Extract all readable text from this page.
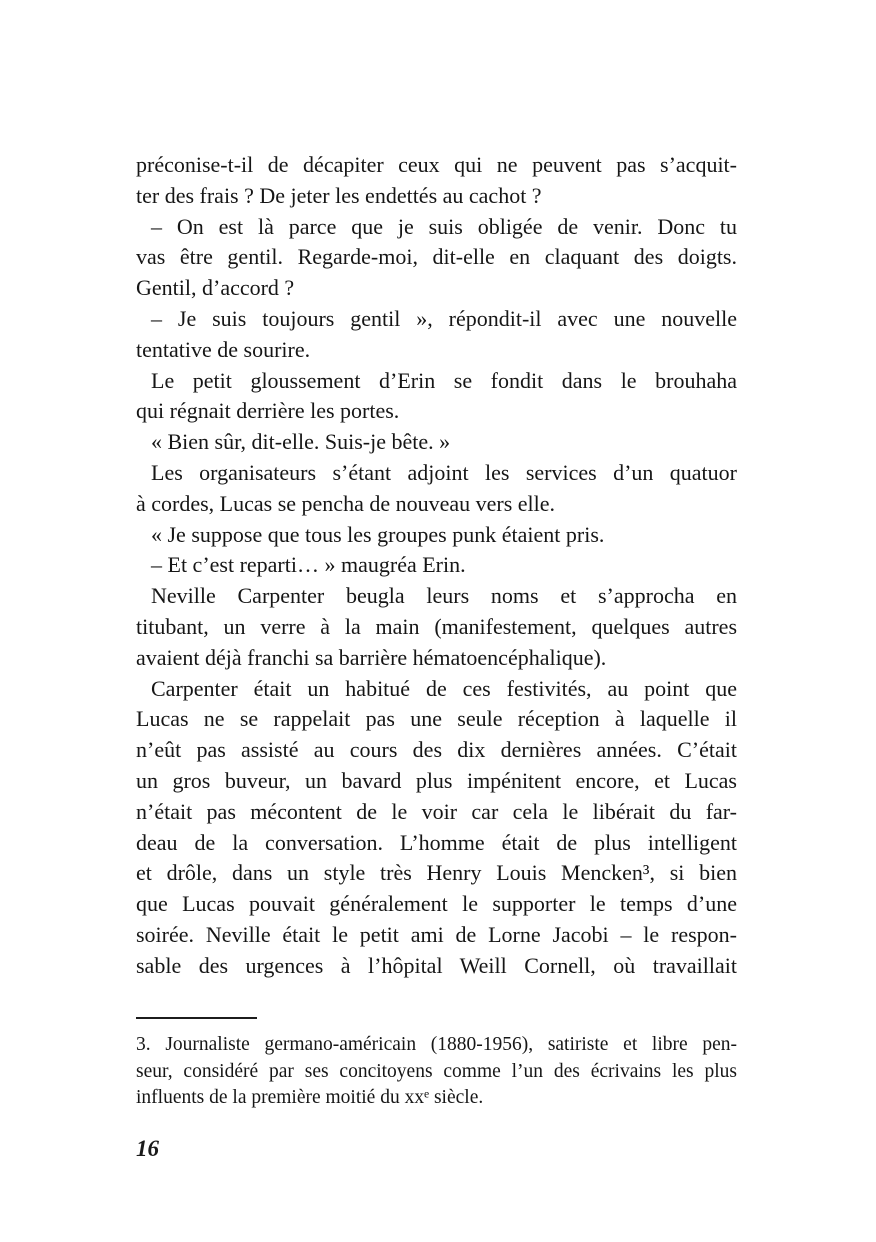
préconise-t-il de décapiter ceux qui ne peuvent pas s’acquit-
ter des frais ? De jeter les endettés au cachot ?
– On est là parce que je suis obligée de venir. Donc tu
vas être gentil. Regarde-moi, dit-elle en claquant des doigts.
Gentil, d’accord ?
– Je suis toujours gentil », répondit-il avec une nouvelle
tentative de sourire.
Le petit gloussement d’Erin se fondit dans le brouhaha
qui régnait derrière les portes.
« Bien sûr, dit-elle. Suis-je bête. »
Les organisateurs s’étant adjoint les services d’un quatuor
à cordes, Lucas se pencha de nouveau vers elle.
« Je suppose que tous les groupes punk étaient pris.
– Et c’est reparti… » maugréa Erin.
Neville Carpenter beugla leurs noms et s’approcha en
titubant, un verre à la main (manifestement, quelques autres
avaient déjà franchi sa barrière hématoencéphalique).
Carpenter était un habitué de ces festivités, au point que
Lucas ne se rappelait pas une seule réception à laquelle il
n’eût pas assisté au cours des dix dernières années. C’était
un gros buveur, un bavard plus impénitent encore, et Lucas
n’était pas mécontent de le voir car cela le libérait du far-
deau de la conversation. L’homme était de plus intelligent
et drôle, dans un style très Henry Louis Mencken³, si bien
que Lucas pouvait généralement le supporter le temps d’une
soirée. Neville était le petit ami de Lorne Jacobi – le respon-
sable des urgences à l’hôpital Weill Cornell, où travaillait
3. Journaliste germano-américain (1880-1956), satiriste et libre pen-
seur, considéré par ses concitoyens comme l’un des écrivains les plus
influents de la première moitié du xxᵉ siècle.
16
